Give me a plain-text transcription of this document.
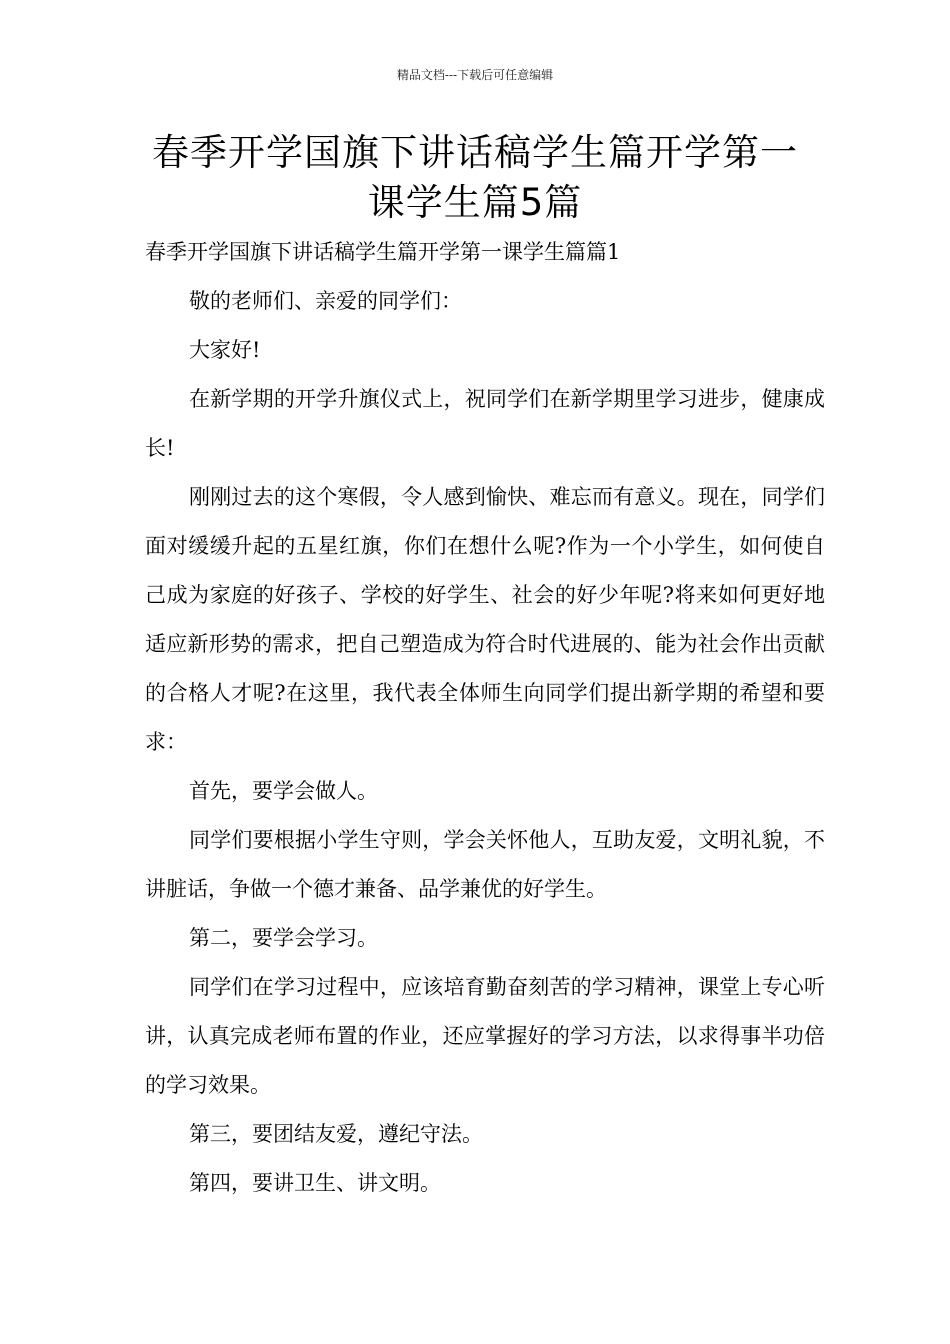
精品文档---下载后可任意编辑
春季开学国旗下讲话稿学生篇开学第一
课学生篇5篇

春季开学国旗下讲话稿学生篇开学第一课学生篇篇1

敬的老师们、亲爱的同学们：

大家好!

在新学期的开学升旗仪式上，祝同学们在新学期里学习进步，健康成长!

刚刚过去的这个寒假，令人感到愉快、难忘而有意义。现在，同学们面对缓缓升起的五星红旗，你们在想什么呢?作为一个小学生，如何使自己成为家庭的好孩子、学校的好学生、社会的好少年呢?将来如何更好地适应新形势的需求，把自己塑造成为符合时代进展的、能为社会作出贡献的合格人才呢?在这里，我代表全体师生向同学们提出新学期的希望和要求：

首先，要学会做人。

同学们要根据小学生守则，学会关怀他人，互助友爱，文明礼貌，不讲脏话，争做一个德才兼备、品学兼优的好学生。

第二，要学会学习。

同学们在学习过程中，应该培育勤奋刻苦的学习精神，课堂上专心听讲，认真完成老师布置的作业，还应掌握好的学习方法，以求得事半功倍的学习效果。

第三，要团结友爱，遵纪守法。

第四，要讲卫生、讲文明。
